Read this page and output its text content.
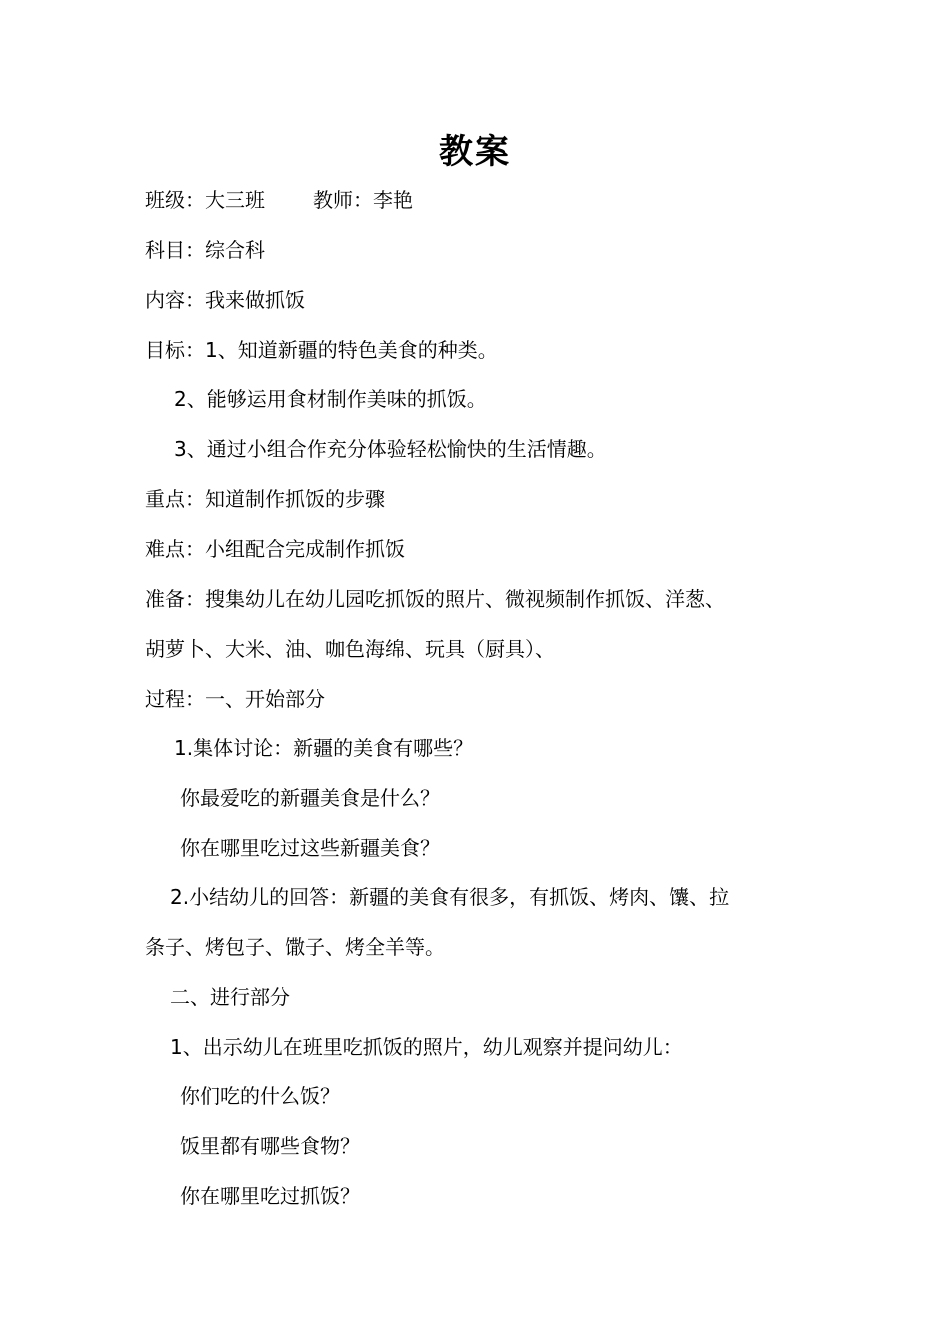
教案
班级：大三班 教师：李艳
科目：综合科
内容：我来做抓饭
目标：1、知道新疆的特色美食的种类。
2、能够运用食材制作美味的抓饭。
3、通过小组合作充分体验轻松愉快的生活情趣。
重点：知道制作抓饭的步骤
难点：小组配合完成制作抓饭
准备：搜集幼儿在幼儿园吃抓饭的照片、微视频制作抓饭、洋葱、
胡萝卜、大米、油、咖色海绵、玩具（厨具）、
过程：一、开始部分
1.集体讨论：新疆的美食有哪些？
你最爱吃的新疆美食是什么？
你在哪里吃过这些新疆美食？
2.小结幼儿的回答：新疆的美食有很多，有抓饭、烤肉、馕、拉
条子、烤包子、馓子、烤全羊等。
二、进行部分
1、出示幼儿在班里吃抓饭的照片，幼儿观察并提问幼儿：
你们吃的什么饭？
饭里都有哪些食物？
你在哪里吃过抓饭？
